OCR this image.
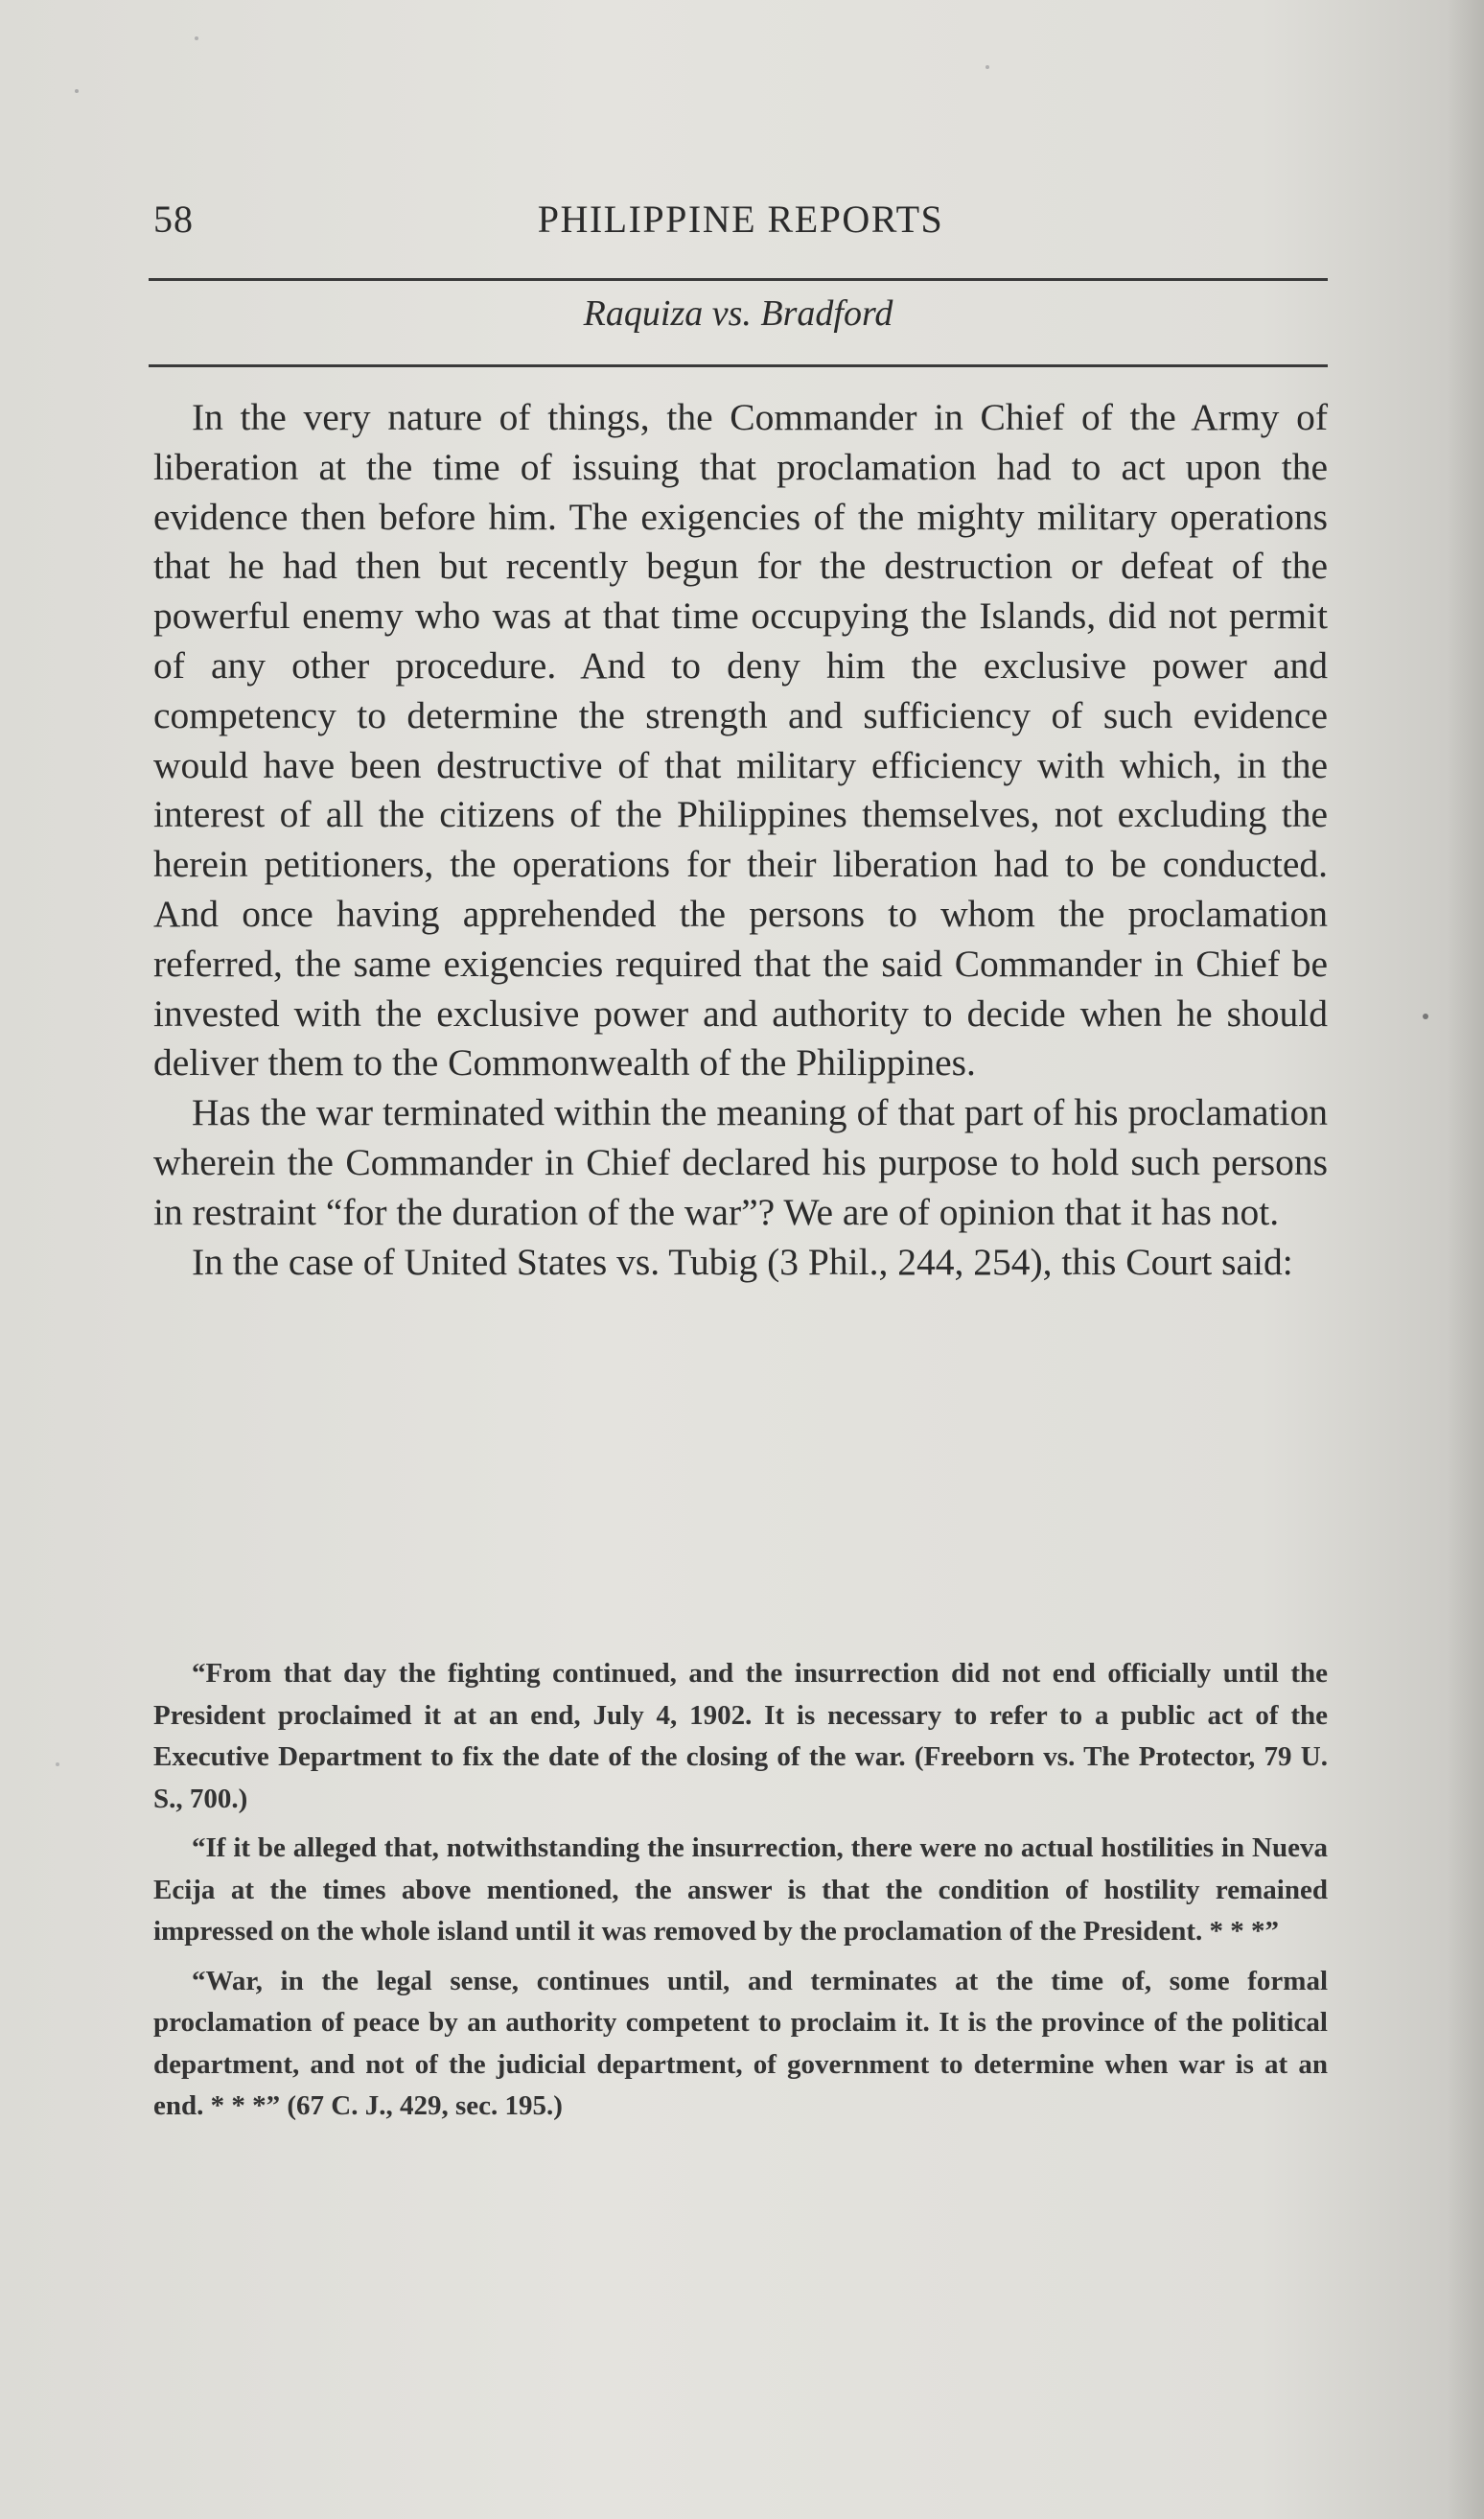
PHILIPPINE REPORTS
58
Raquiza vs. Bradford

In the very nature of things, the Commander in Chief of the Army of liberation at the time of issuing that proclamation had to act upon the evidence then before him. The exigencies of the mighty military operations that he had then but recently begun for the destruction or defeat of the powerful enemy who was at that time occupying the Islands, did not permit of any other procedure. And to deny him the exclusive power and competency to determine the strength and sufficiency of such evidence would have been destructive of that military efficiency with which, in the interest of all the citizens of the Philippines themselves, not excluding the herein petitioners, the operations for their liberation had to be conducted. And once having apprehended the persons to whom the proclamation referred, the same exigencies required that the said Commander in Chief be invested with the exclusive power and authority to decide when he should deliver them to the Commonwealth of the Philippines.

Has the war terminated within the meaning of that part of his proclamation wherein the Commander in Chief declared his purpose to hold such persons in restraint “for the duration of the war”? We are of opinion that it has not.

In the case of United States vs. Tubig (3 Phil., 244, 254), this Court said:

“From that day the fighting continued, and the insurrection did not end officially until the President proclaimed it at an end, July 4, 1902. It is necessary to refer to a public act of the Executive Department to fix the date of the closing of the war. (Freeborn vs. The Protector, 79 U. S., 700.)

“If it be alleged that, notwithstanding the insurrection, there were no actual hostilities in Nueva Ecija at the times above mentioned, the answer is that the condition of hostility remained impressed on the whole island until it was removed by the proclamation of the President. * * *”

“War, in the legal sense, continues until, and terminates at the time of, some formal proclamation of peace by an authority competent to proclaim it. It is the province of the political department, and not of the judicial department, of government to determine when war is at an end. * * *” (67 C. J., 429, sec. 195.)
